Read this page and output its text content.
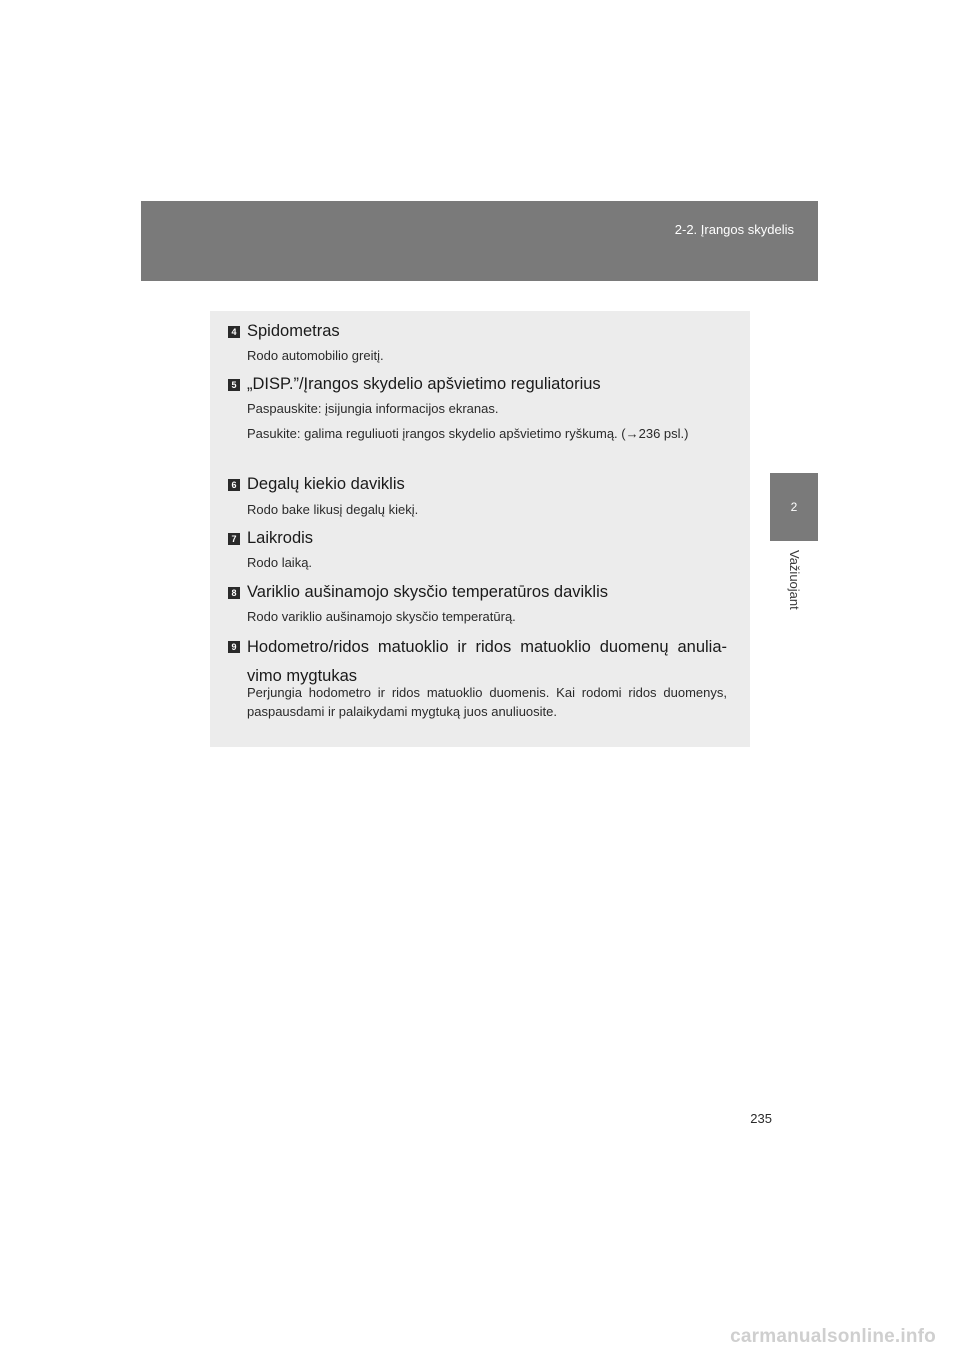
2-2. Įrangos skydelis
2
Važiuojant
4 Spidometras

Rodo automobilio greitį.

5 „DISP.”/Įrangos skydelio apšvietimo reguliatorius

Paspauskite: įsijungia informacijos ekranas.

Pasukite: galima reguliuoti įrangos skydelio apšvietimo ryškumą. (→236 psl.)

6 Degalų kiekio daviklis

Rodo bake likusį degalų kiekį.

7 Laikrodis

Rodo laiką.

8 Variklio aušinamojo skysčio temperatūros daviklis

Rodo variklio aušinamojo skysčio temperatūrą.

9 Hodometro/ridos matuoklio ir ridos matuoklio duomenų anulia-vimo mygtukas

Perjungia hodometro ir ridos matuoklio duomenis. Kai rodomi ridos duomenys, paspausdami ir palaikydami mygtuką juos anuliuosite.

235
carmanualsonline.info
